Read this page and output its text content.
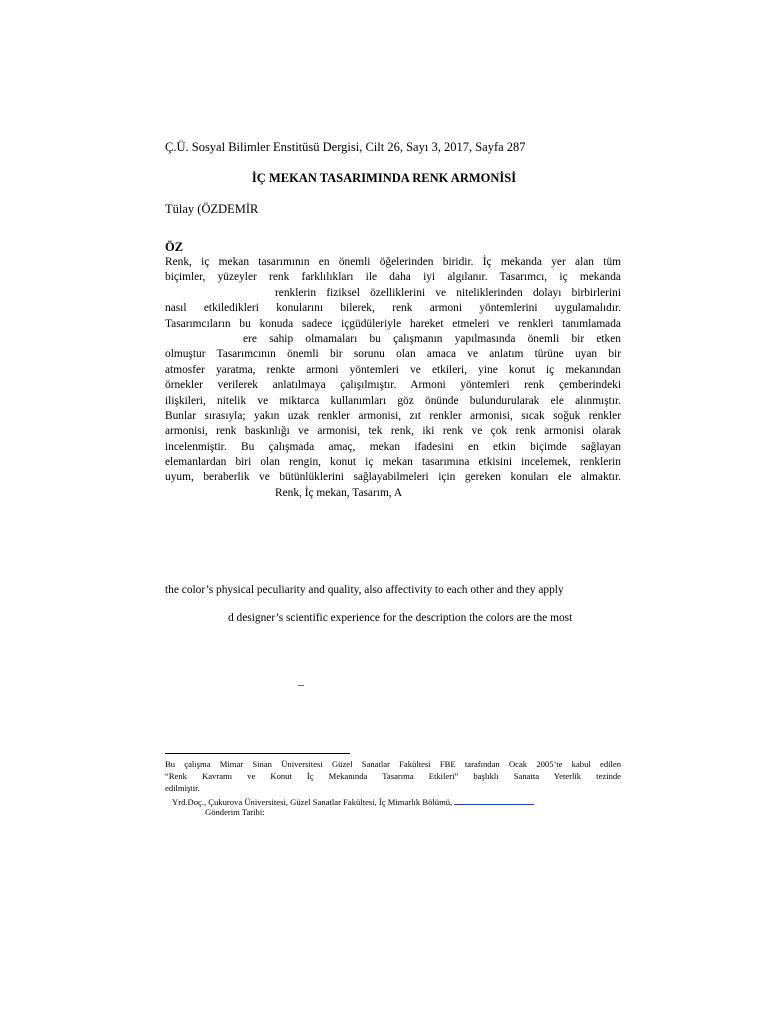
Ç.Ü. Sosyal Bilimler Enstitüsü Dergisi, Cilt 26, Sayı 3, 2017, Sayfa 287
İÇ MEKAN TASARIMINDA RENK ARMONİSİ
Tülay (ÖZDEMİR
ÖZ
Renk, iç mekan tasarımının en önemli öğelerinden biridir. İç mekanda yer alan tüm
biçimler, yüzeyler renk farklılıkları ile daha iyi algılanır. Tasarımcı, iç mekanda
renklerin fiziksel özelliklerini ve niteliklerinden dolayı birbirlerini
nasıl etkiledikleri konularını bilerek, renk armoni yöntemlerini uygulamalıdır.
Tasarımcıların bu konuda sadece içgüdüleriyle hareket etmeleri ve renkleri tanımlamada
ere sahip olmamaları bu çalışmanın yapılmasında önemli bir etken
olmuştur Tasarımcının önemli bir sorunu olan amaca ve anlatım türüne uyan bir
atmosfer yaratma, renkte armoni yöntemleri ve etkileri, yine konut iç mekanından
örnekler verilerek anlatılmaya çalışılmıştır. Armoni yöntemleri renk çemberindeki
ilişkileri, nitelik ve miktarca kullanımları göz önünde bulundurularak ele alınmıştır.
Bunlar sırasıyla; yakın uzak renkler armonisi, zıt renkler armonisi, sıcak soğuk renkler
armonisi, renk baskınlığı ve armonisi, tek renk, iki renk ve çok renk armonisi olarak
incelenmiştir. Bu çalışmada amaç, mekan ifadesini en etkin biçimde sağlayan
elemanlardan biri olan rengin, konut iç mekan tasarımına etkisini incelemek, renklerin
uyum, beraberlik ve bütünlüklerini sağlayabilmeleri için gereken konuları ele almaktır.
Renk, İç mekan, Tasarım, A
the color’s physical peculiarity and quality, also affectivity to each other and they apply
d designer’s scientific experience for the description the colors are the most
–
Bu çalışma Mimar Sinan Üniversitesi Güzel Sanatlar Fakültesi FBE tarafından Ocak 2005’te kabul edilen
“Renk Kavramı ve Konut İç Mekanında Tasarıma Etkileri” başlıklı Sanatta Yeterlik tezinde
edilmiştir.
Yrd.Doç., Çukurova Üniversitesi, Güzel Sanatlar Fakültesi, İç Mimarlık Bölümü,
Gönderim Tarihi:
